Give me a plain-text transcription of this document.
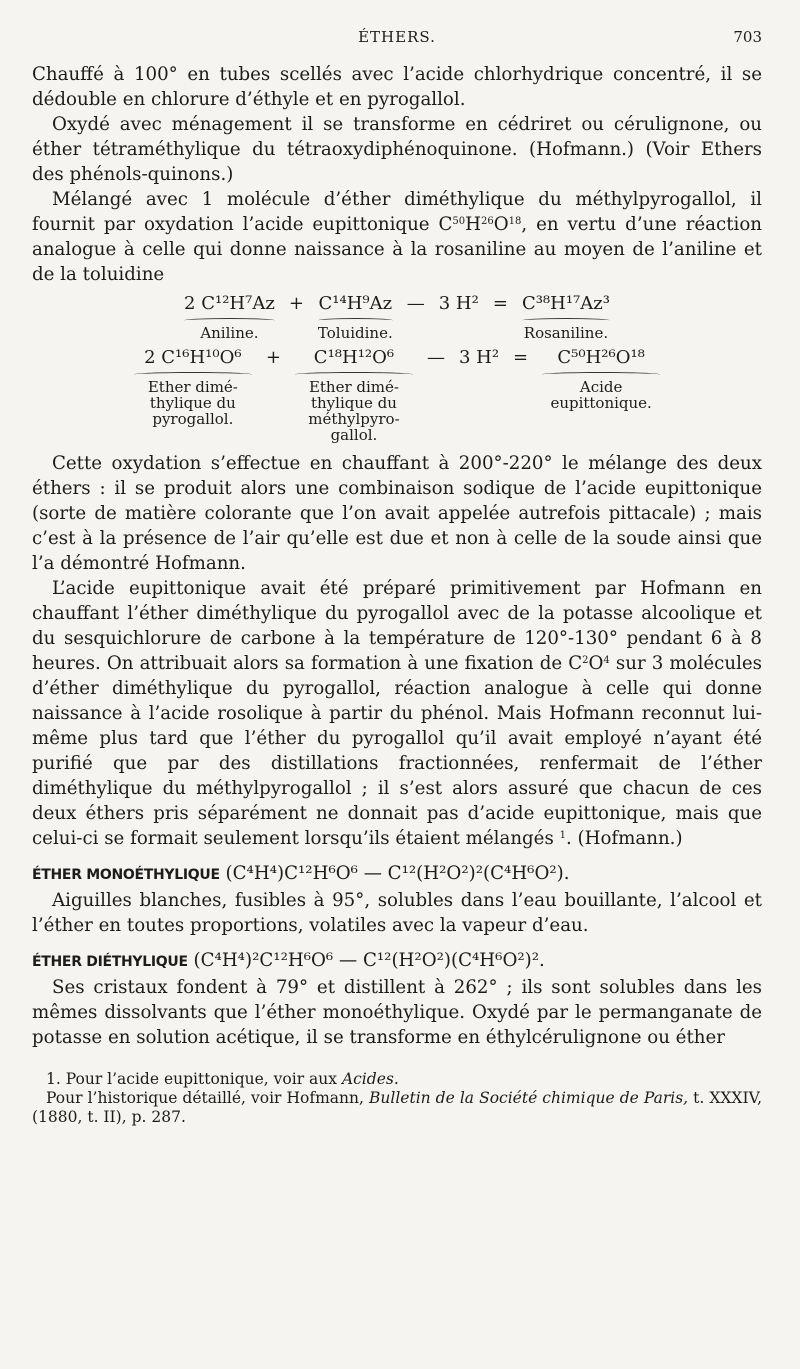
ÉTHERS.	703

Chauffé à 100° en tubes scellés avec l’acide chlorhydrique concentré, il se dédouble en chlorure d’éthyle et en pyrogallol.

Oxydé avec ménagement il se transforme en cédriret ou cérulignone, ou éther tétraméthylique du tétraoxydiphénoquinone. (Hofmann.) (Voir Ethers des phénols-quinons.)

Mélangé avec 1 molécule d’éther diméthylique du méthylpyrogallol, il fournit par oxydation l’acide eupittonique $C^{50}H^{26}O^{18}$, en vertu d’une réaction analogue à celle qui donne naissance à la rosaniline au moyen de l’aniline et de la toluidine

2 C¹²H⁷Az
Aniline.
+ C¹⁴H⁹Az
Toluidine.
— 3 H² = C³⁸H¹⁷Az³
Rosaniline.
2 C¹⁶H¹⁰O⁶
Ether dimé- thylique du pyrogallol.
+ C¹⁸H¹²O⁶
Ether dimé- thylique du méthylpyro- gallol.
— 3 H² = C⁵⁰H²⁶O¹⁸
Acide eupittonique.

Cette oxydation s’effectue en chauffant à 200°-220° le mélange des deux éthers : il se produit alors une combinaison sodique de l’acide eupittonique (sorte de matière colorante que l’on avait appelée autrefois pittacale) ; mais c’est à la présence de l’air qu’elle est due et non à celle de la soude ainsi que l’a démontré Hofmann.

L’acide eupittonique avait été préparé primitivement par Hofmann en chauffant l’éther diméthylique du pyrogallol avec de la potasse alcoolique et du sesquichlorure de carbone à la température de 120°-130° pendant 6 à 8 heures. On attribuait alors sa formation à une fixation de $C^2O^4$ sur 3 molécules d’éther diméthylique du pyrogallol, réaction analogue à celle qui donne naissance à l’acide rosolique à partir du phénol. Mais Hofmann reconnut lui-même plus tard que l’éther du pyrogallol qu’il avait employé n’ayant été purifié que par des distillations fractionnées, renfermait de l’éther diméthylique du méthylpyrogallol ; il s’est alors assuré que chacun de ces deux éthers pris séparément ne donnait pas d’acide eupittonique, mais que celui-ci se formait seulement lorsqu’ils étaient mélangés $^1$. (Hofmann.)

ÉTHER MONOÉTHYLIQUE (C⁴H⁴)C¹²H⁶O⁶ — C¹²(H²O²)²(C⁴H⁶O²).

Aiguilles blanches, fusibles à 95°, solubles dans l’eau bouillante, l’alcool et l’éther en toutes proportions, volatiles avec la vapeur d’eau.

ÉTHER DIÉTHYLIQUE (C⁴H⁴)²C¹²H⁶O⁶ — C¹²(H²O²)(C⁴H⁶O²)².

Ses cristaux fondent à 79° et distillent à 262° ; ils sont solubles dans les mêmes dissolvants que l’éther monoéthylique. Oxydé par le permanganate de potasse en solution acétique, il se transforme en éthylcérulignone ou éther

1. Pour l’acide eupittonique, voir aux Acides.

Pour l’historique détaillé, voir Hofmann, Bulletin de la Société chimique de Paris, t. XXXIV, (1880, t. II), p. 287.
